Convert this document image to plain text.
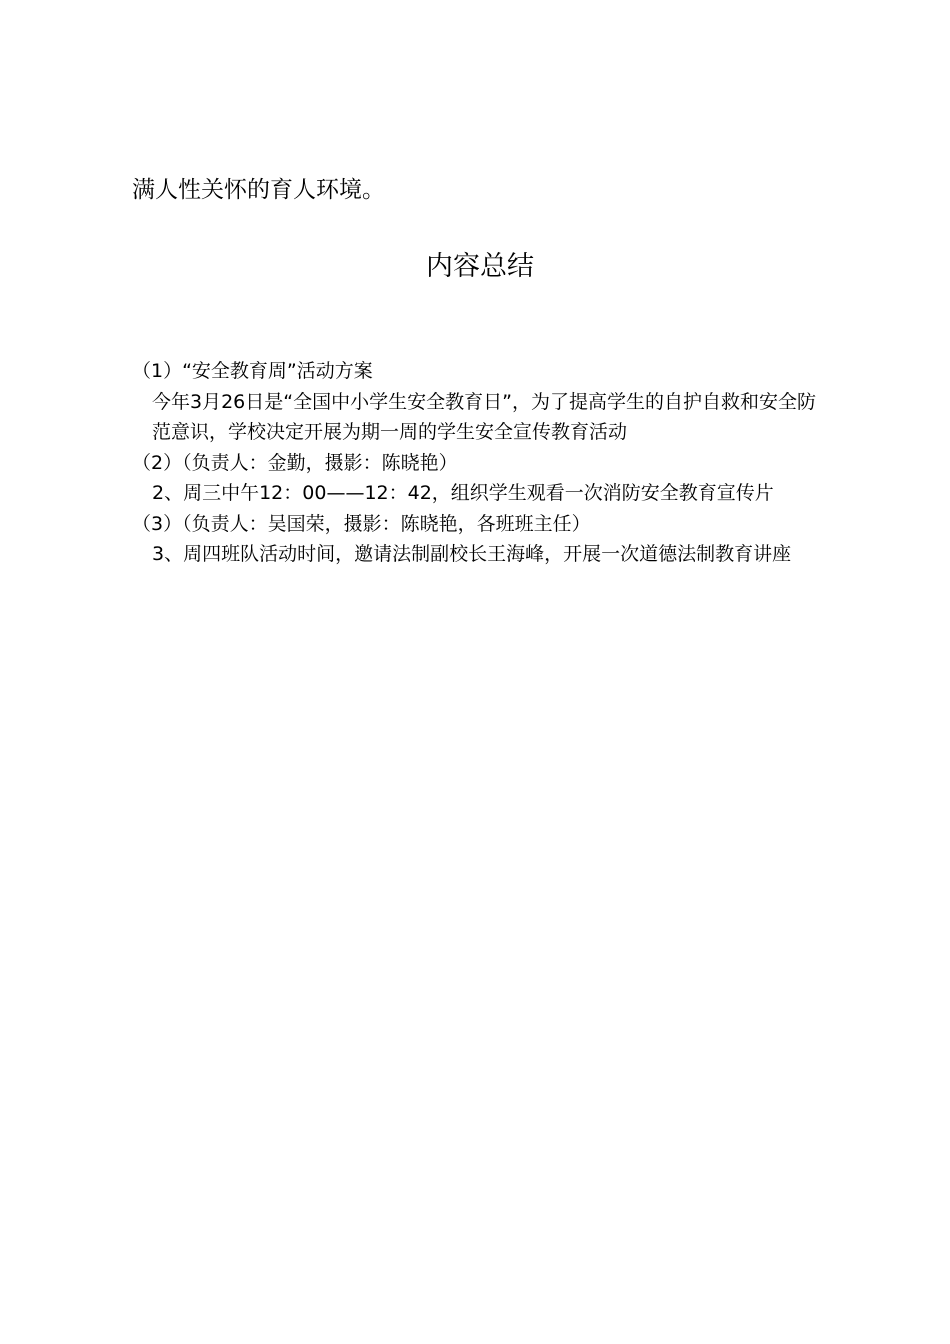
满人性关怀的育人环境。
内容总结
（1）“安全教育周”活动方案
今年3月26日是“全国中小学生安全教育日”，为了提高学生的自护自救和安全防范意识，学校决定开展为期一周的学生安全宣传教育活动
（2）（负责人：金勤，摄影：陈晓艳）
2、周三中午12：00——12：42，组织学生观看一次消防安全教育宣传片
（3）（负责人：吴国荣，摄影：陈晓艳，各班班主任）
3、周四班队活动时间，邀请法制副校长王海峰，开展一次道德法制教育讲座
